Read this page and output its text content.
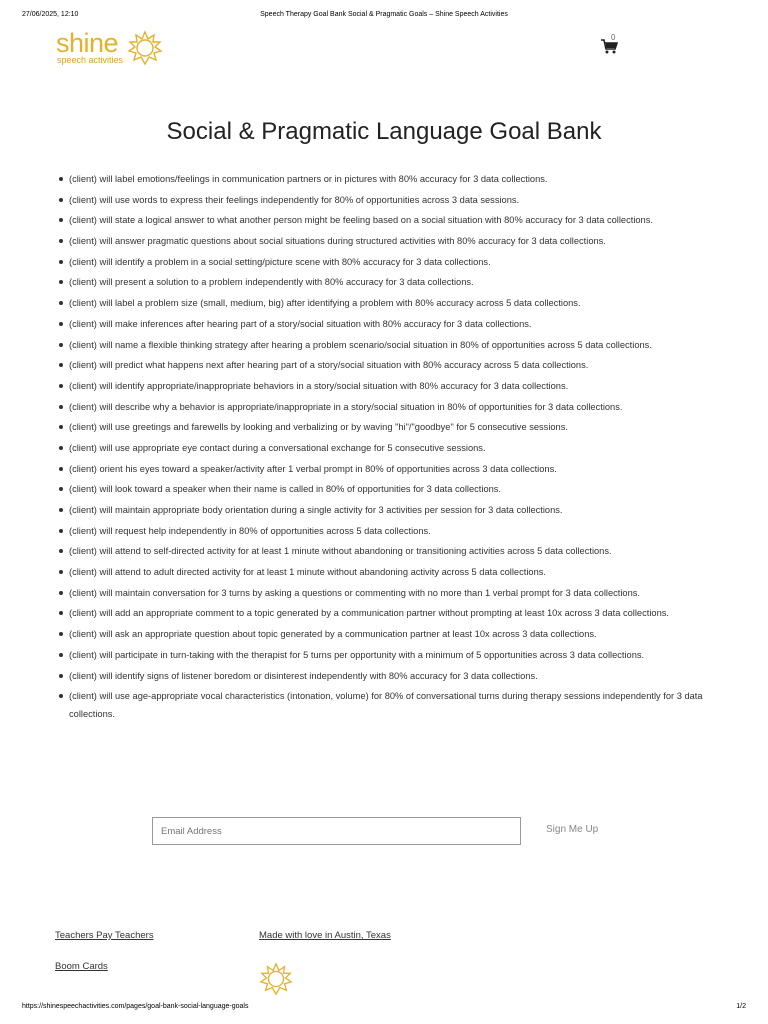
27/06/2025, 12:10	Speech Therapy Goal Bank Social & Pragmatic Goals – Shine Speech Activities
shine
speech activities
0
Social & Pragmatic Language Goal Bank
(client) will label emotions/feelings in communication partners or in pictures with 80% accuracy for 3 data collections.
(client) will use words to express their feelings independently for 80% of opportunities across 3 data sessions.
(client) will state a logical answer to what another person might be feeling based on a social situation with 80% accuracy for 3 data collections.
(client) will answer pragmatic questions about social situations during structured activities with 80% accuracy for 3 data collections.
(client) will identify a problem in a social setting/picture scene with 80% accuracy for 3 data collections.
(client) will present a solution to a problem independently with 80% accuracy for 3 data collections.
(client) will label a problem size (small, medium, big) after identifying a problem with 80% accuracy across 5 data collections.
(client) will make inferences after hearing part of a story/social situation with 80% accuracy for 3 data collections.
(client) will name a flexible thinking strategy after hearing a problem scenario/social situation in 80% of opportunities across 5 data collections.
(client) will predict what happens next after hearing part of a story/social situation with 80% accuracy across 5 data collections.
(client) will identify appropriate/inappropriate behaviors in a story/social situation with 80% accuracy for 3 data collections.
(client) will describe why a behavior is appropriate/inappropriate in a story/social situation in 80% of opportunities for 3 data collections.
(client) will use greetings and farewells by looking and verbalizing or by waving "hi"/"goodbye" for 5 consecutive sessions.
(client) will use appropriate eye contact during a conversational exchange for 5 consecutive sessions.
(client) orient his eyes toward a speaker/activity after 1 verbal prompt in 80% of opportunities across 3 data collections.
(client) will look toward a speaker when their name is called in 80% of opportunities for 3 data collections.
(client) will maintain appropriate body orientation during a single activity for 3 activities per session for 3 data collections.
(client) will request help independently in 80% of opportunities across 5 data collections.
(client) will attend to self-directed activity for at least 1 minute without abandoning or transitioning activities across 5 data collections.
(client) will attend to adult directed activity for at least 1 minute without abandoning activity across 5 data collections.
(client) will maintain conversation for 3 turns by asking a questions or commenting with no more than 1 verbal prompt for 3 data collections.
(client) will add an appropriate comment to a topic generated by a communication partner without prompting at least 10x across 3 data collections.
(client) will ask an appropriate question about topic generated by a communication partner at least 10x across 3 data collections.
(client) will participate in turn-taking with the therapist for 5 turns per opportunity with a minimum of 5 opportunities across 3 data collections.
(client) will identify signs of listener boredom or disinterest independently with 80% accuracy for 3 data collections.
(client) will use age-appropriate vocal characteristics (intonation, volume) for 80% of conversational turns during therapy sessions independently for 3 data collections.
Email Address
Sign Me Up
Teachers Pay Teachers	Made with love in Austin, Texas
Boom Cards
https://shinespeechactivities.com/pages/goal-bank-social-language-goals	1/2
